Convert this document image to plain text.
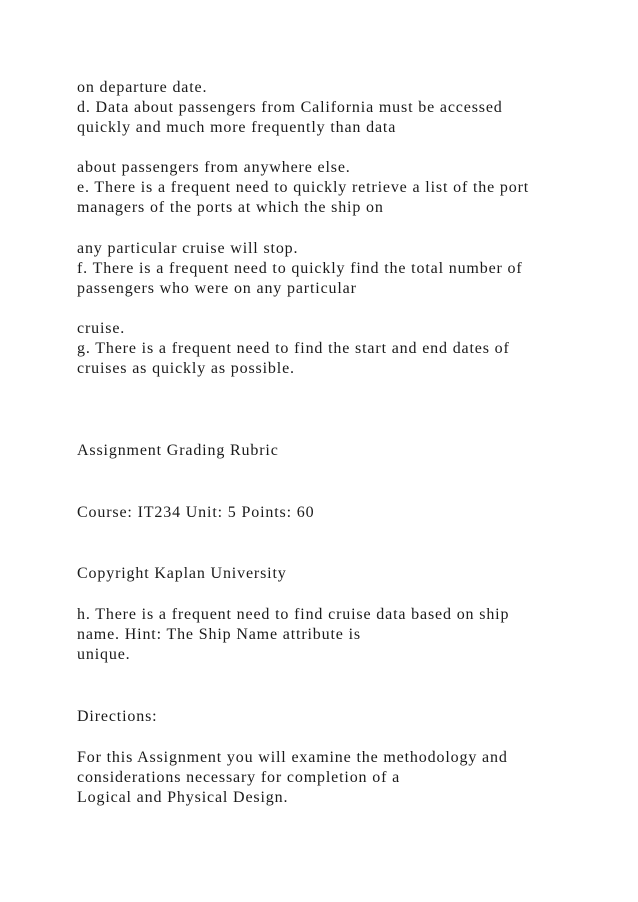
on departure date.

d. Data about passengers from California must be accessed

quickly and much more frequently than data

about passengers from anywhere else.

e. There is a frequent need to quickly retrieve a list of the port

managers of the ports at which the ship on

any particular cruise will stop.

f. There is a frequent need to quickly find the total number of

passengers who were on any particular

cruise.

g. There is a frequent need to find the start and end dates of

cruises as quickly as possible.

Assignment Grading Rubric

Course: IT234 Unit: 5 Points: 60

Copyright Kaplan University

h. There is a frequent need to find cruise data based on ship

name. Hint: The Ship Name attribute is

unique.

Directions:

For this Assignment you will examine the methodology and

considerations necessary for completion of a

Logical and Physical Design.
